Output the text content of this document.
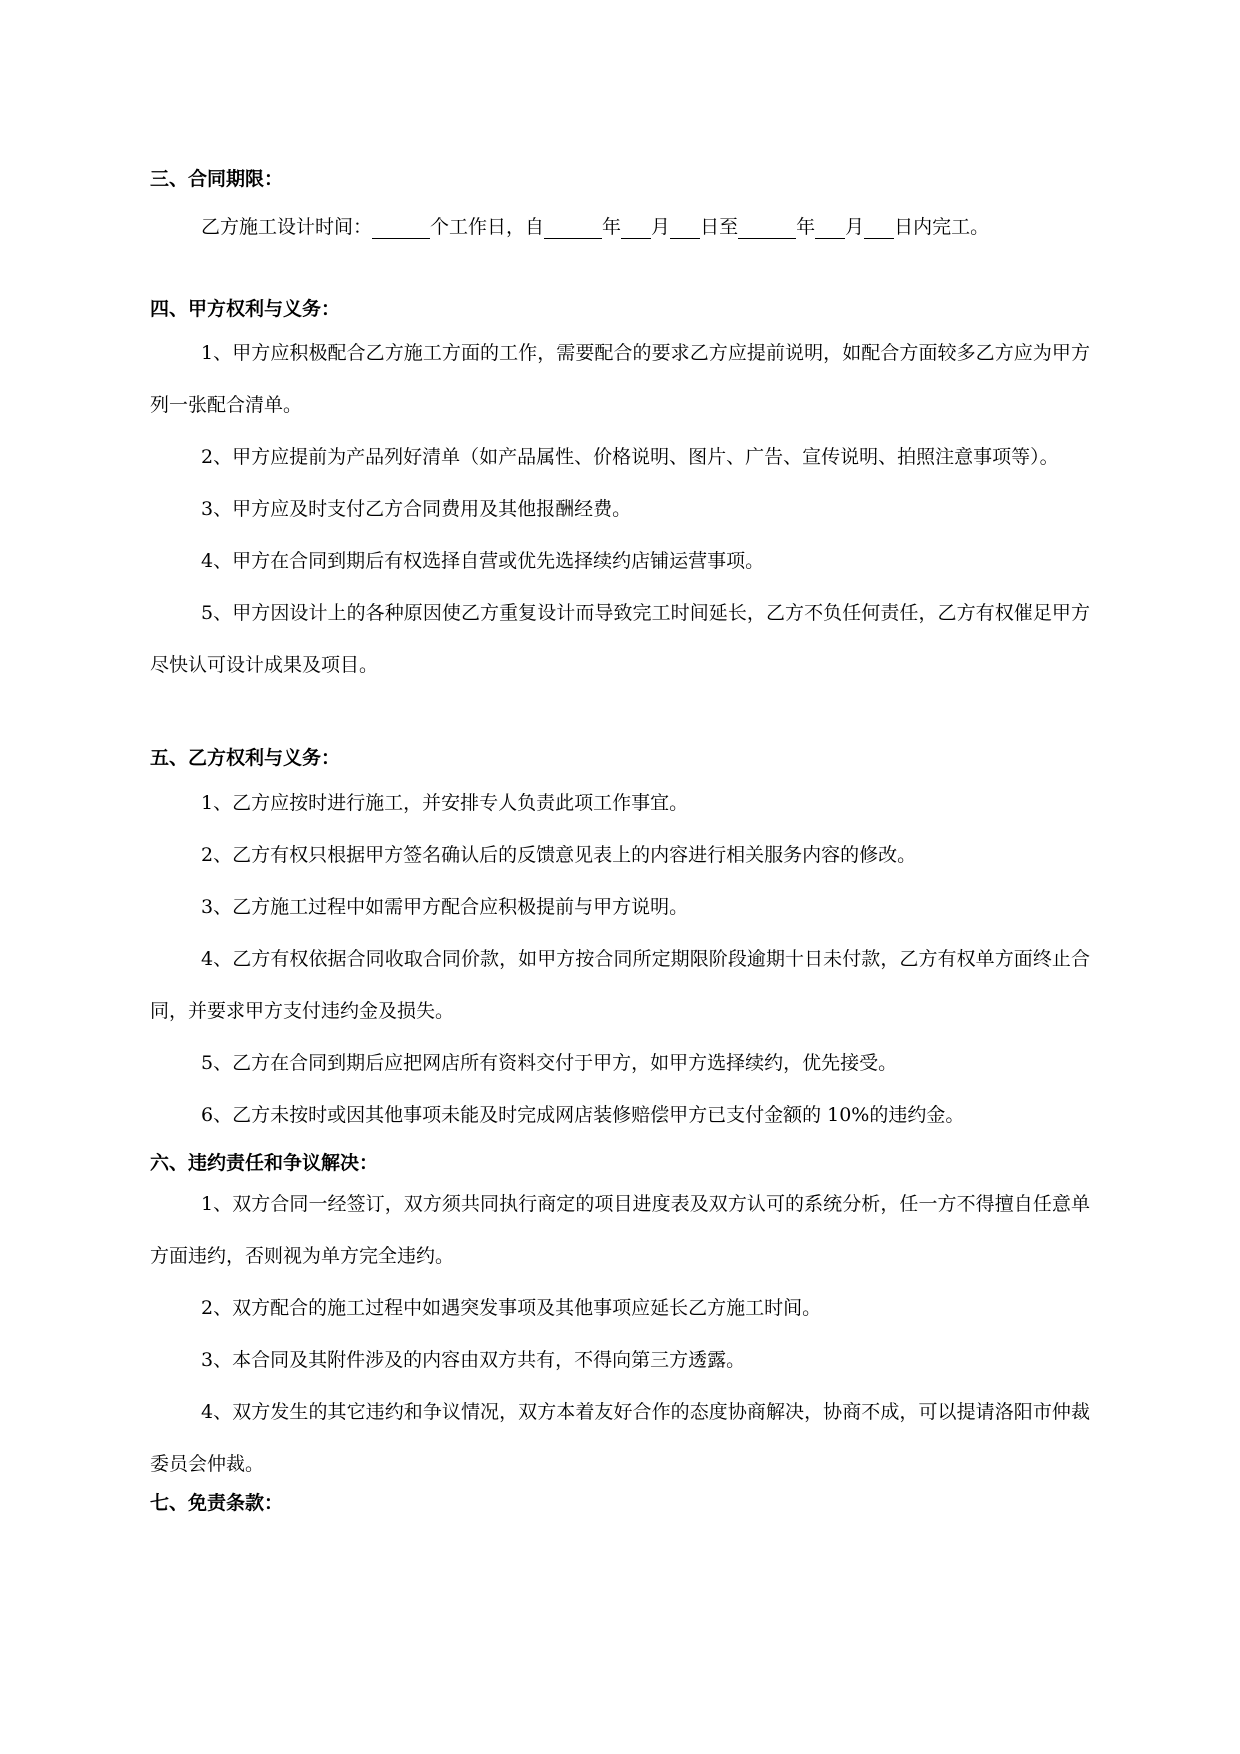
三、合同期限：

乙方施工设计时间：	个工作日，自	年 月 日至	年 月 日内完工。

四、甲方权利与义务：

1、甲方应积极配合乙方施工方面的工作，需要配合的要求乙方应提前说明，如配合方面较多乙方应为甲方列一张配合清单。

2、甲方应提前为产品列好清单（如产品属性、价格说明、图片、广告、宣传说明、拍照注意事项等）。

3、甲方应及时支付乙方合同费用及其他报酬经费。

4、甲方在合同到期后有权选择自营或优先选择续约店铺运营事项。

5、甲方因设计上的各种原因使乙方重复设计而导致完工时间延长，乙方不负任何责任，乙方有权催足甲方尽快认可设计成果及项目。

五、乙方权利与义务：

1、乙方应按时进行施工，并安排专人负责此项工作事宜。

2、乙方有权只根据甲方签名确认后的反馈意见表上的内容进行相关服务内容的修改。

3、乙方施工过程中如需甲方配合应积极提前与甲方说明。

4、乙方有权依据合同收取合同价款，如甲方按合同所定期限阶段逾期十日未付款，乙方有权单方面终止合同，并要求甲方支付违约金及损失。

5、乙方在合同到期后应把网店所有资料交付于甲方，如甲方选择续约，优先接受。

6、乙方未按时或因其他事项未能及时完成网店装修赔偿甲方已支付金额的 10%的违约金。

六、违约责任和争议解决：

1、双方合同一经签订，双方须共同执行商定的项目进度表及双方认可的系统分析，任一方不得擅自任意单方面违约，否则视为单方完全违约。

2、双方配合的施工过程中如遇突发事项及其他事项应延长乙方施工时间。

3、本合同及其附件涉及的内容由双方共有，不得向第三方透露。

4、双方发生的其它违约和争议情况，双方本着友好合作的态度协商解决，协商不成，可以提请洛阳市仲裁委员会仲裁。

七、免责条款：
